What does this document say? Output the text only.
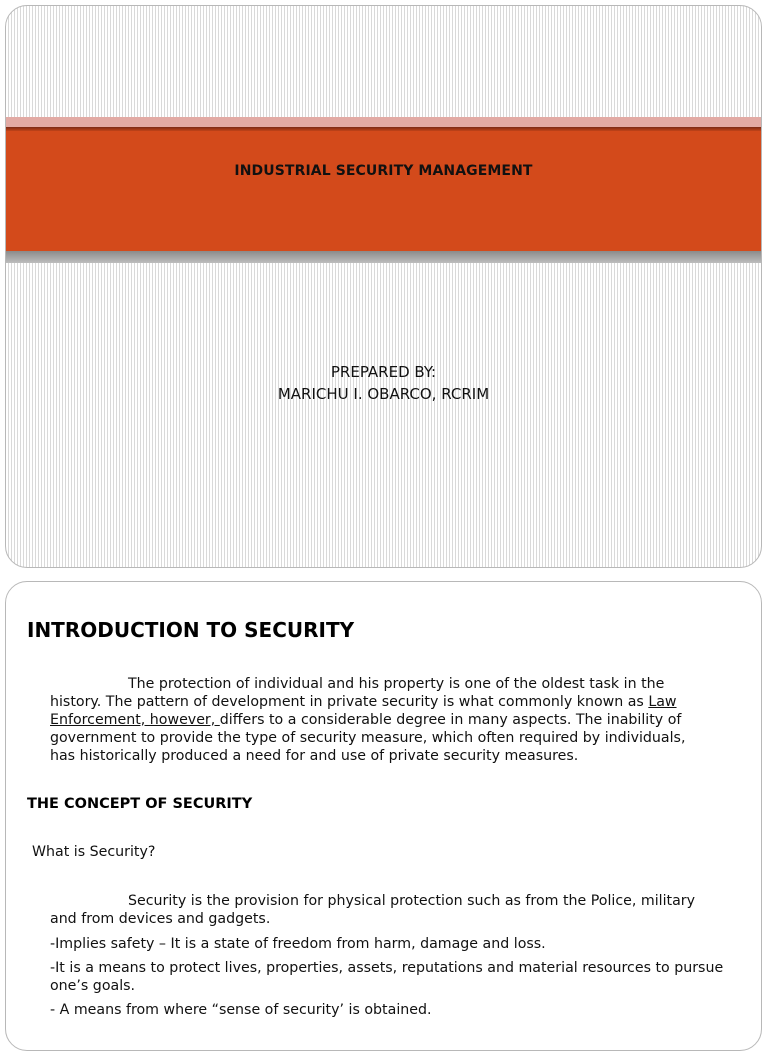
INDUSTRIAL SECURITY MANAGEMENT
PREPARED BY:
MARICHU I. OBARCO, RCRIM
INTRODUCTION TO SECURITY
The protection of individual and his property is one of the oldest task in the
history. The pattern of development in private security is what commonly known as Law
Enforcement, however, differs to a considerable degree in many aspects. The inability of
government to provide the type of security measure, which often required by individuals,
has historically produced a need for and use of private security measures.
THE CONCEPT OF SECURITY
What is Security?
Security is the provision for physical protection such as from the Police, military
and from devices and gadgets.
-Implies safety – It is a state of freedom from harm, damage and loss.
-It is a means to protect lives, properties, assets, reputations and material resources to pursue one’s goals.
- A means from where “sense of security’ is obtained.
